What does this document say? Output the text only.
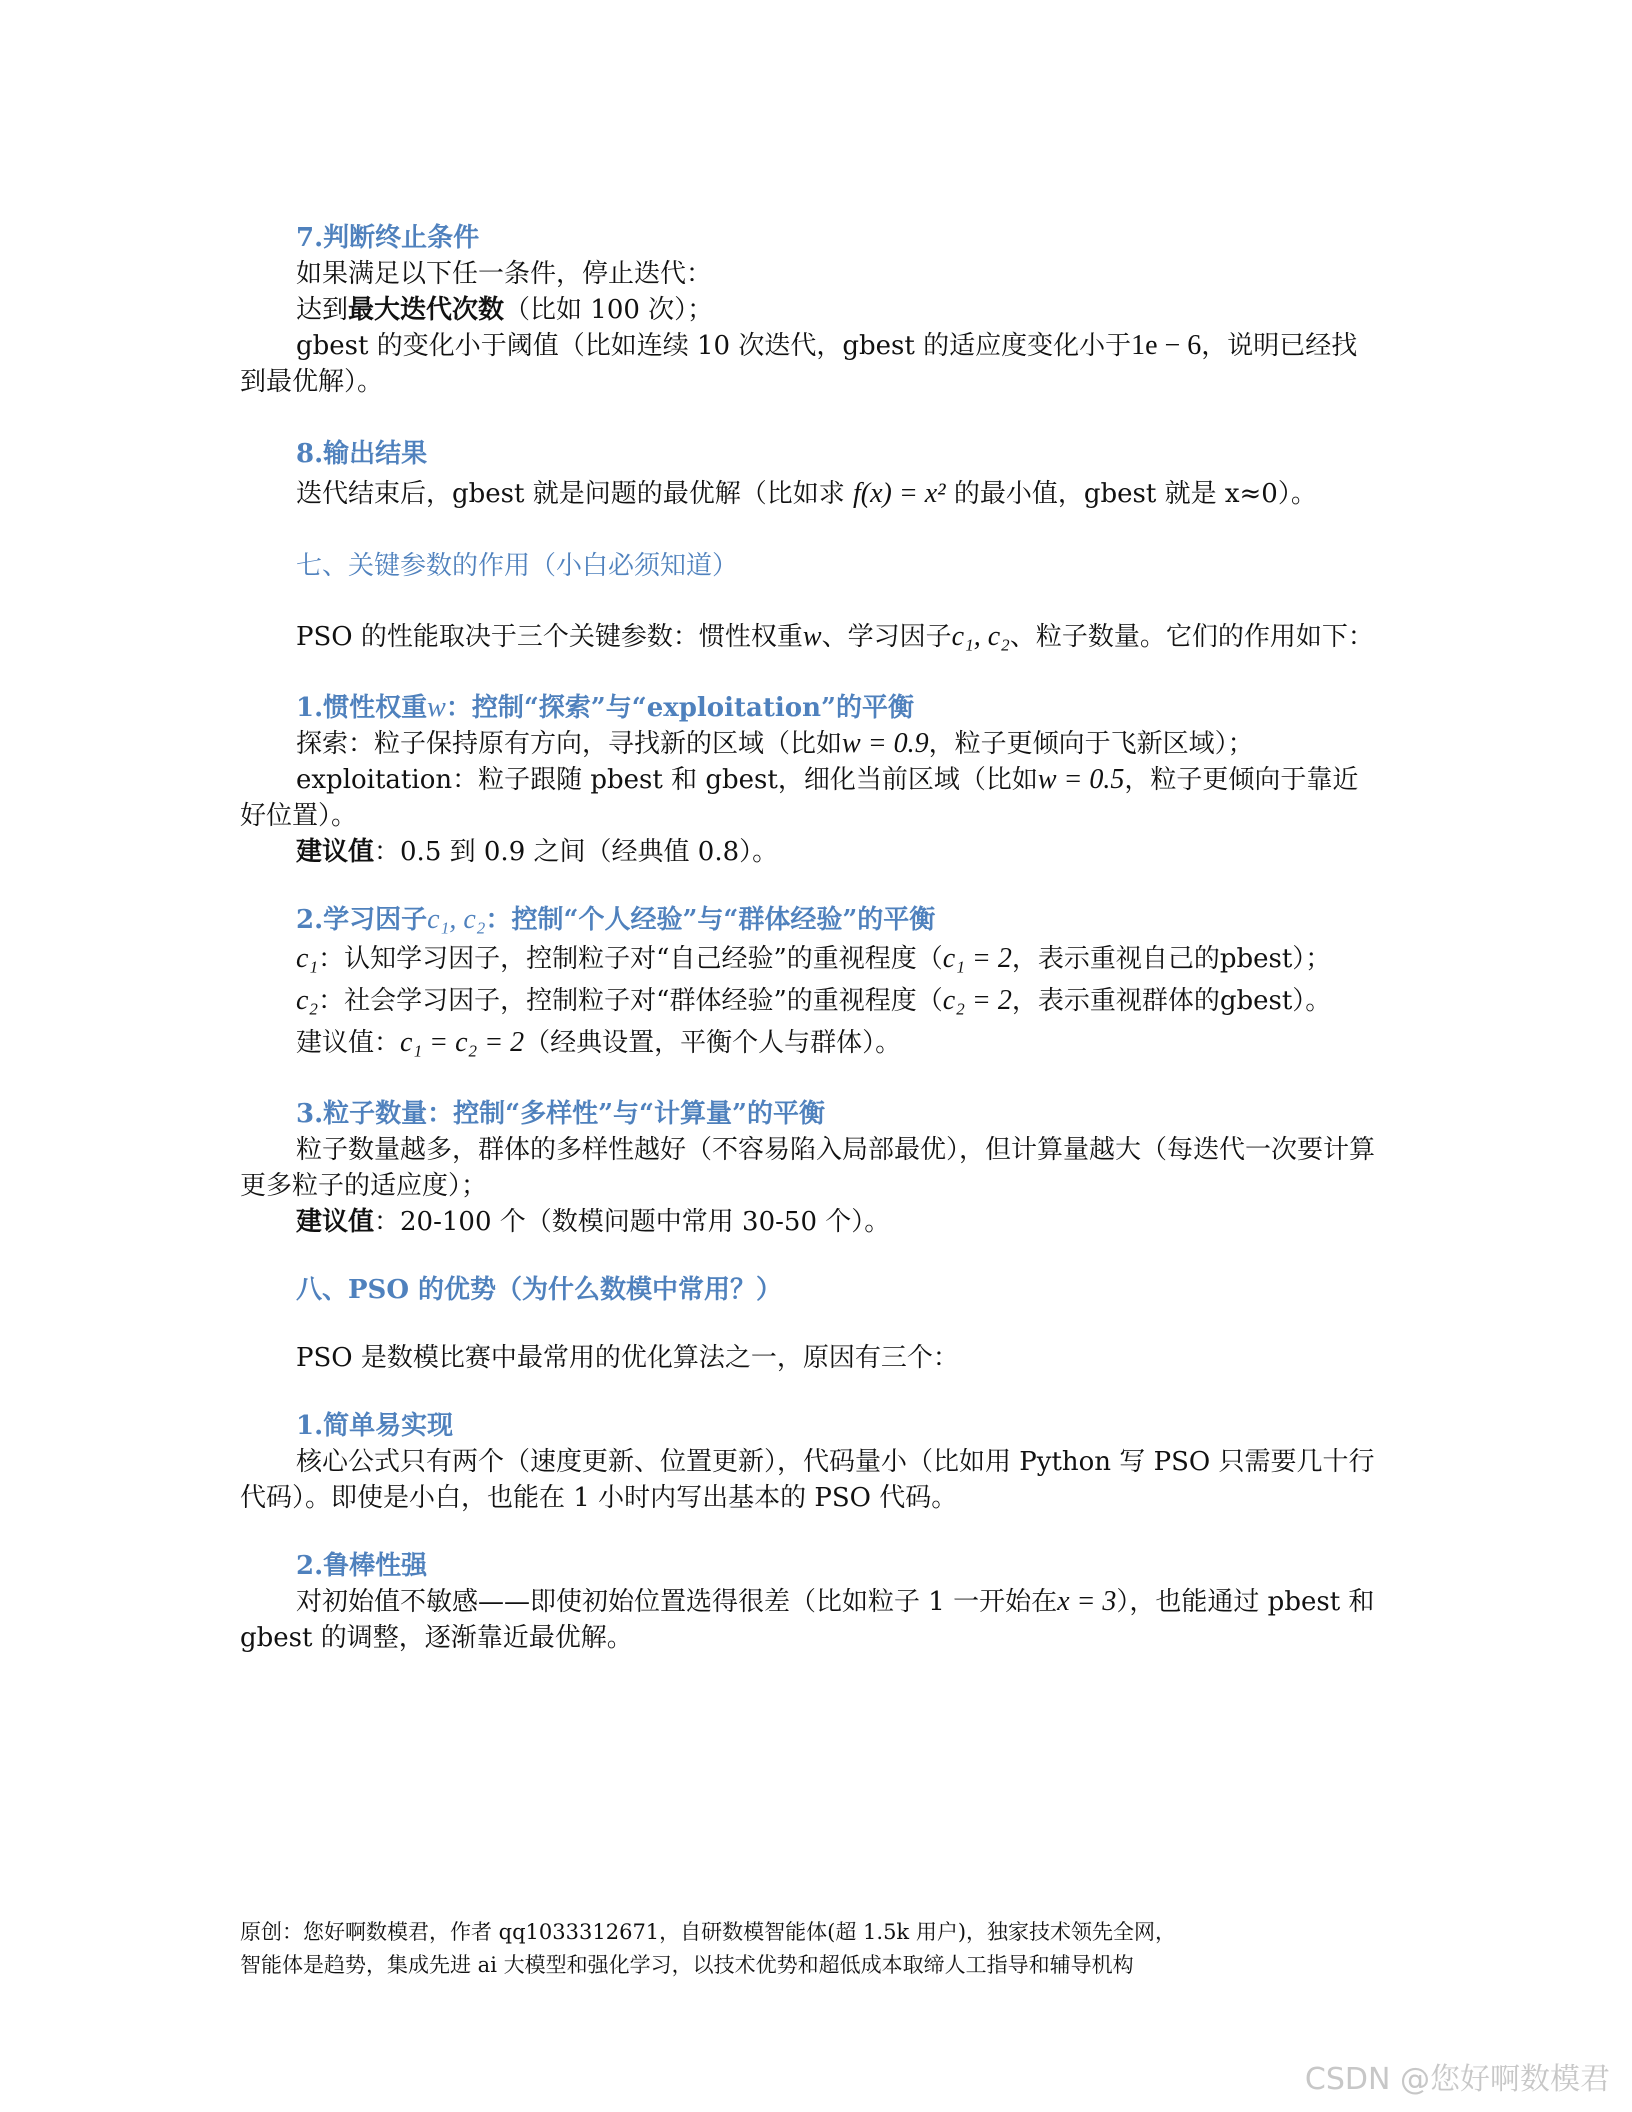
7.判断终止条件

如果满足以下任一条件，停止迭代：

达到最大迭代次数（比如 100 次）；

gbest 的变化小于阈值（比如连续 10 次迭代，gbest 的适应度变化小于1e − 6，说明已经找到最优解）。

8.输出结果

迭代结束后，gbest 就是问题的最优解（比如求 f(x) = x² 的最小值，gbest 就是 x≈0）。

七、关键参数的作用（小白必须知道）

PSO 的性能取决于三个关键参数：惯性权重w、学习因子c₁, c₂、粒子数量。它们的作用如下：

1.惯性权重w：控制“探索”与“exploitation”的平衡

探索：粒子保持原有方向，寻找新的区域（比如w = 0.9，粒子更倾向于飞新区域）；

exploitation：粒子跟随 pbest 和 gbest，细化当前区域（比如w = 0.5，粒子更倾向于靠近好位置）。

建议值：0.5 到 0.9 之间（经典值 0.8）。

2.学习因子c₁, c₂：控制“个人经验”与“群体经验”的平衡

c₁：认知学习因子，控制粒子对“自己经验”的重视程度（c₁ = 2，表示重视自己的pbest）；

c₂：社会学习因子，控制粒子对“群体经验”的重视程度（c₂ = 2，表示重视群体的gbest）。

建议值：c₁ = c₂ = 2（经典设置，平衡个人与群体）。

3.粒子数量：控制“多样性”与“计算量”的平衡

粒子数量越多，群体的多样性越好（不容易陷入局部最优），但计算量越大（每迭代一次要计算更多粒子的适应度）；

建议值：20-100 个（数模问题中常用 30-50 个）。

八、PSO 的优势（为什么数模中常用？）

PSO 是数模比赛中最常用的优化算法之一，原因有三个：

1.简单易实现

核心公式只有两个（速度更新、位置更新），代码量小（比如用 Python 写 PSO 只需要几十行代码）。即使是小白，也能在 1 小时内写出基本的 PSO 代码。

2.鲁棒性强

对初始值不敏感——即使初始位置选得很差（比如粒子 1 一开始在x = 3），也能通过 pbest 和 gbest 的调整，逐渐靠近最优解。

原创：您好啊数模君，作者 qq1033312671，自研数模智能体(超 1.5k 用户)，独家技术领先全网，

智能体是趋势，集成先进 ai 大模型和强化学习，以技术优势和超低成本取缔人工指导和辅导机构

CSDN @您好啊数模君
